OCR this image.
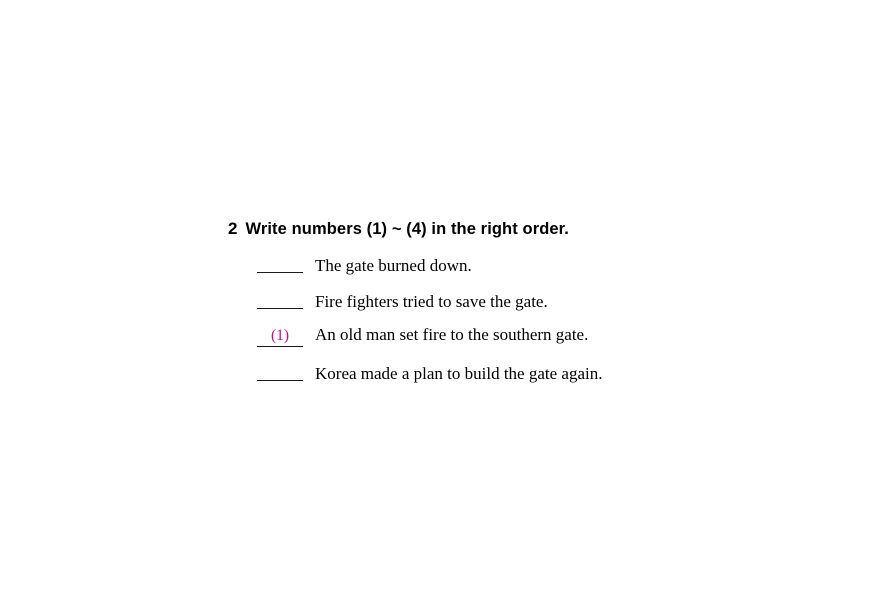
2 Write numbers (1) ~ (4) in the right order.
The gate burned down.
Fire fighters tried to save the gate.
(1)	An old man set fire to the southern gate.
Korea made a plan to build the gate again.
